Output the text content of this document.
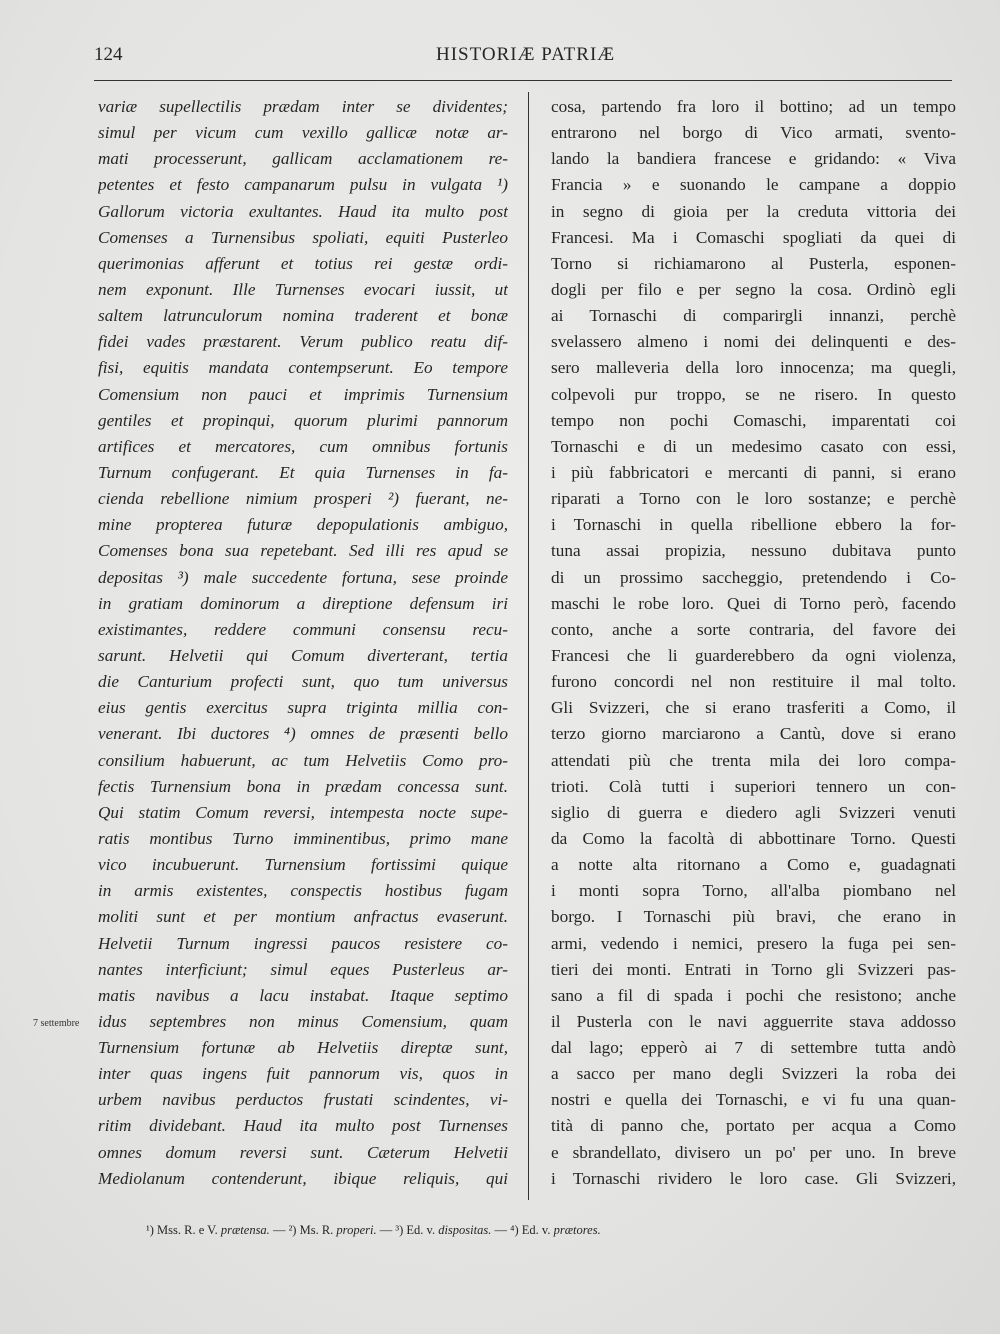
124	HISTORIÆ PATRIÆ

variæ supellectilis prædam inter se dividentes;

simul per vicum cum vexillo gallicæ notæ ar-

mati processerunt, gallicam acclamationem re-

petentes et festo campanarum pulsu in vulgata ¹)

Gallorum victoria exultantes. Haud ita multo post

Comenses a Turnensibus spoliati, equiti Pusterleo

querimonias afferunt et totius rei gestæ ordi-

nem exponunt. Ille Turnenses evocari iussit, ut

saltem latrunculorum nomina traderent et bonæ

fidei vades præstarent. Verum publico reatu dif-

fisi, equitis mandata contempserunt. Eo tempore

Comensium non pauci et imprimis Turnensium

gentiles et propinqui, quorum plurimi pannorum

artifices et mercatores, cum omnibus fortunis

Turnum confugerant. Et quia Turnenses in fa-

cienda rebellione nimium prosperi ²) fuerant, ne-

mine propterea futuræ depopulationis ambiguo,

Comenses bona sua repetebant. Sed illi res apud se

depositas ³) male succedente fortuna, sese proinde

in gratiam dominorum a direptione defensum iri

existimantes, reddere communi consensu recu-

sarunt. Helvetii qui Comum diverterant, tertia

die Canturium profecti sunt, quo tum universus

eius gentis exercitus supra triginta millia con-

venerant. Ibi ductores ⁴) omnes de præsenti bello

consilium habuerunt, ac tum Helvetiis Como pro-

fectis Turnensium bona in prædam concessa sunt.

Qui statim Comum reversi, intempesta nocte supe-

ratis montibus Turno imminentibus, primo mane

vico incubuerunt. Turnensium fortissimi quique

in armis existentes, conspectis hostibus fugam

moliti sunt et per montium anfractus evaserunt.

Helvetii Turnum ingressi paucos resistere co-

nantes interficiunt; simul eques Pusterleus ar-

matis navibus a lacu instabat. Itaque septimo

idus septembres non minus Comensium, quam

Turnensium fortunæ ab Helvetiis direptæ sunt,

inter quas ingens fuit pannorum vis, quos in

urbem navibus perductos frustati scindentes, vi-

ritim dividebant. Haud ita multo post Turnenses

omnes domum reversi sunt. Cæterum Helvetii

Mediolanum contenderunt, ibique reliquis, qui

cosa, partendo fra loro il bottino; ad un tempo

entrarono nel borgo di Vico armati, svento-

lando la bandiera francese e gridando: « Viva

Francia » e suonando le campane a doppio

in segno di gioia per la creduta vittoria dei

Francesi. Ma i Comaschi spogliati da quei di

Torno si richiamarono al Pusterla, esponen-

dogli per filo e per segno la cosa. Ordinò egli

ai Tornaschi di comparirgli innanzi, perchè

svelassero almeno i nomi dei delinquenti e des-

sero malleveria della loro innocenza; ma quegli,

colpevoli pur troppo, se ne risero. In questo

tempo non pochi Comaschi, imparentati coi

Tornaschi e di un medesimo casato con essi,

i più fabbricatori e mercanti di panni, si erano

riparati a Torno con le loro sostanze; e perchè

i Tornaschi in quella ribellione ebbero la for-

tuna assai propizia, nessuno dubitava punto

di un prossimo saccheggio, pretendendo i Co-

maschi le robe loro. Quei di Torno però, facendo

conto, anche a sorte contraria, del favore dei

Francesi che li guarderebbero da ogni violenza,

furono concordi nel non restituire il mal tolto.

Gli Svizzeri, che si erano trasferiti a Como, il

terzo giorno marciarono a Cantù, dove si erano

attendati più che trenta mila dei loro compa-

trioti. Colà tutti i superiori tennero un con-

siglio di guerra e diedero agli Svizzeri venuti

da Como la facoltà di abbottinare Torno. Questi

a notte alta ritornano a Como e, guadagnati

i monti sopra Torno, all'alba piombano nel

borgo. I Tornaschi più bravi, che erano in

armi, vedendo i nemici, presero la fuga pei sen-

tieri dei monti. Entrati in Torno gli Svizzeri pas-

sano a fil di spada i pochi che resistono; anche

il Pusterla con le navi agguerrite stava addosso

dal lago; epperò ai 7 di settembre tutta andò

a sacco per mano degli Svizzeri la roba dei

nostri e quella dei Tornaschi, e vi fu una quan-

tità di panno che, portato per acqua a Como

e sbrandellato, divisero un po' per uno. In breve

i Tornaschi rividero le loro case. Gli Svizzeri,

7 settembre
¹) Mss. R. e V. prætensa. — ²) Ms. R. properi. — ³) Ed. v. dispositas. — ⁴) Ed. v. prætores.
